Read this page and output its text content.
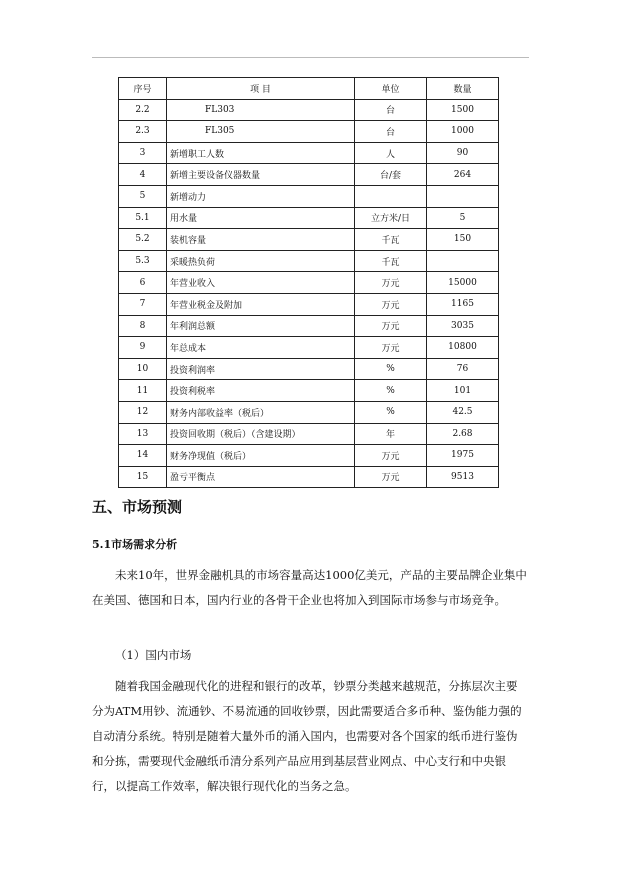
序号	项 目	单位	数量
2.2	FL303	台	1500
2.3	FL305	台	1000
3	新增职工人数	人	90
4	新增主要设备仪器数量	台/套	264
5	新增动力		
5.1	用水量	立方米/日	5
5.2	装机容量	千瓦	150
5.3	采暖热负荷	千瓦	
6	年营业收入	万元	15000
7	年营业税金及附加	万元	1165
8	年利润总额	万元	3035
9	年总成本	万元	10800
10	投资利润率	%	76
11	投资利税率	%	101
12	财务内部收益率（税后）	%	42.5
13	投资回收期（税后）（含建设期）	年	2.68
14	财务净现值（税后）	万元	1975
15	盈亏平衡点	万元	9513
五、市场预测
5.1市场需求分析

未来10年，世界金融机具的市场容量高达1000亿美元，产品的主要品牌企业集中在美国、德国和日本，国内行业的各骨干企业也将加入到国际市场参与市场竞争。

（1）国内市场

随着我国金融现代化的进程和银行的改革，钞票分类越来越规范，分拣层次主要分为ATM用钞、流通钞、不易流通的回收钞票，因此需要适合多币种、鉴伪能力强的自动清分系统。特别是随着大量外币的涌入国内，也需要对各个国家的纸币进行鉴伪和分拣，需要现代金融纸币清分系列产品应用到基层营业网点、中心支行和中央银行，以提高工作效率，解决银行现代化的当务之急。
